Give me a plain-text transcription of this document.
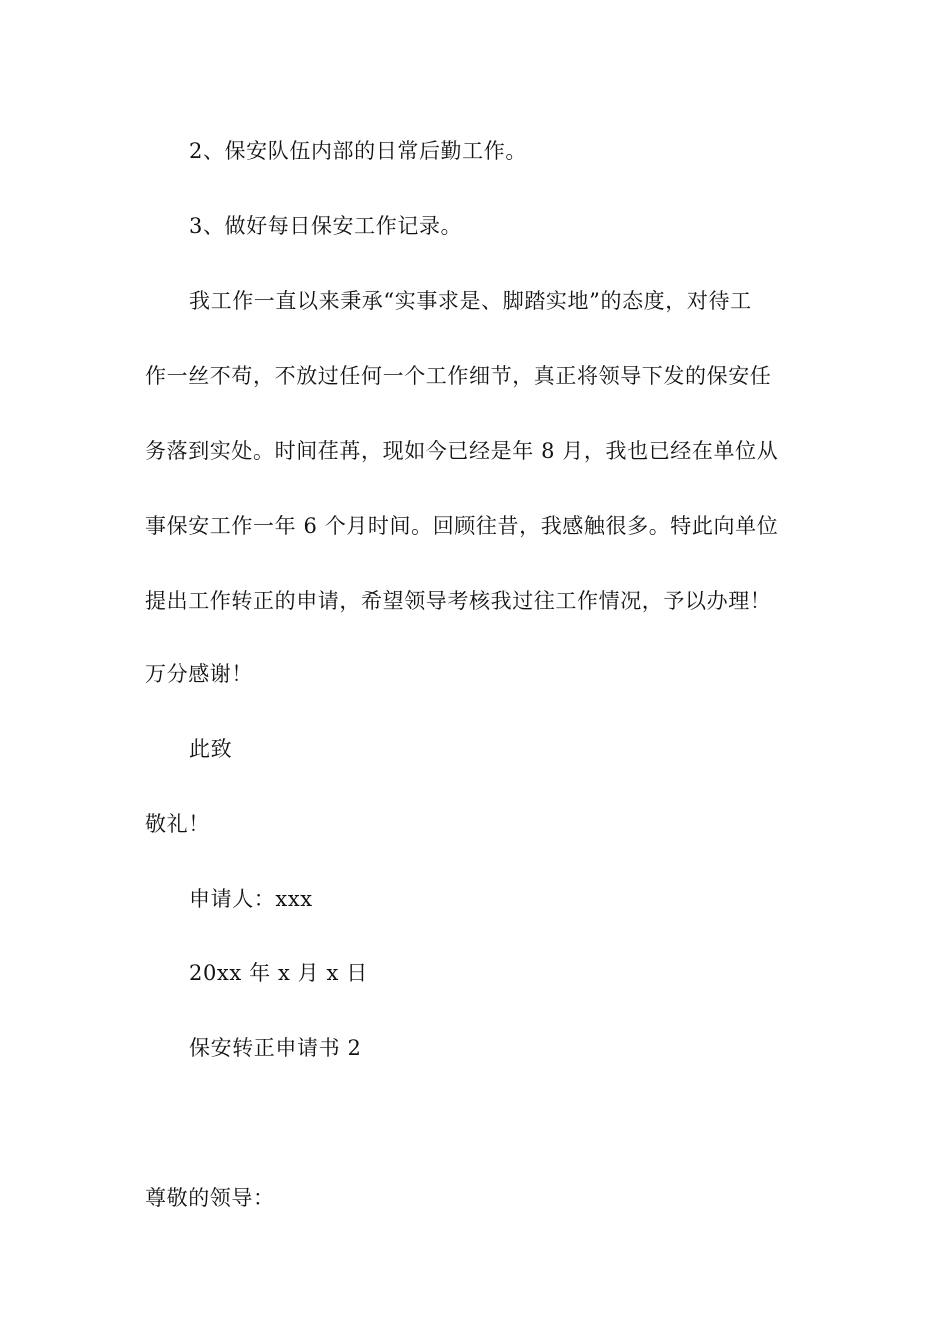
2、保安队伍内部的日常后勤工作。
3、做好每日保安工作记录。
我工作一直以来秉承“实事求是、脚踏实地”的态度，对待工
作一丝不苟，不放过任何一个工作细节，真正将领导下发的保安任
务落到实处。时间荏苒，现如今已经是年 8 月，我也已经在单位从
事保安工作一年 6 个月时间。回顾往昔，我感触很多。特此向单位
提出工作转正的申请，希望领导考核我过往工作情况，予以办理！
万分感谢！
此致
敬礼！
申请人：xxx
20xx 年 x 月 x 日
保安转正申请书 2
尊敬的领导：
